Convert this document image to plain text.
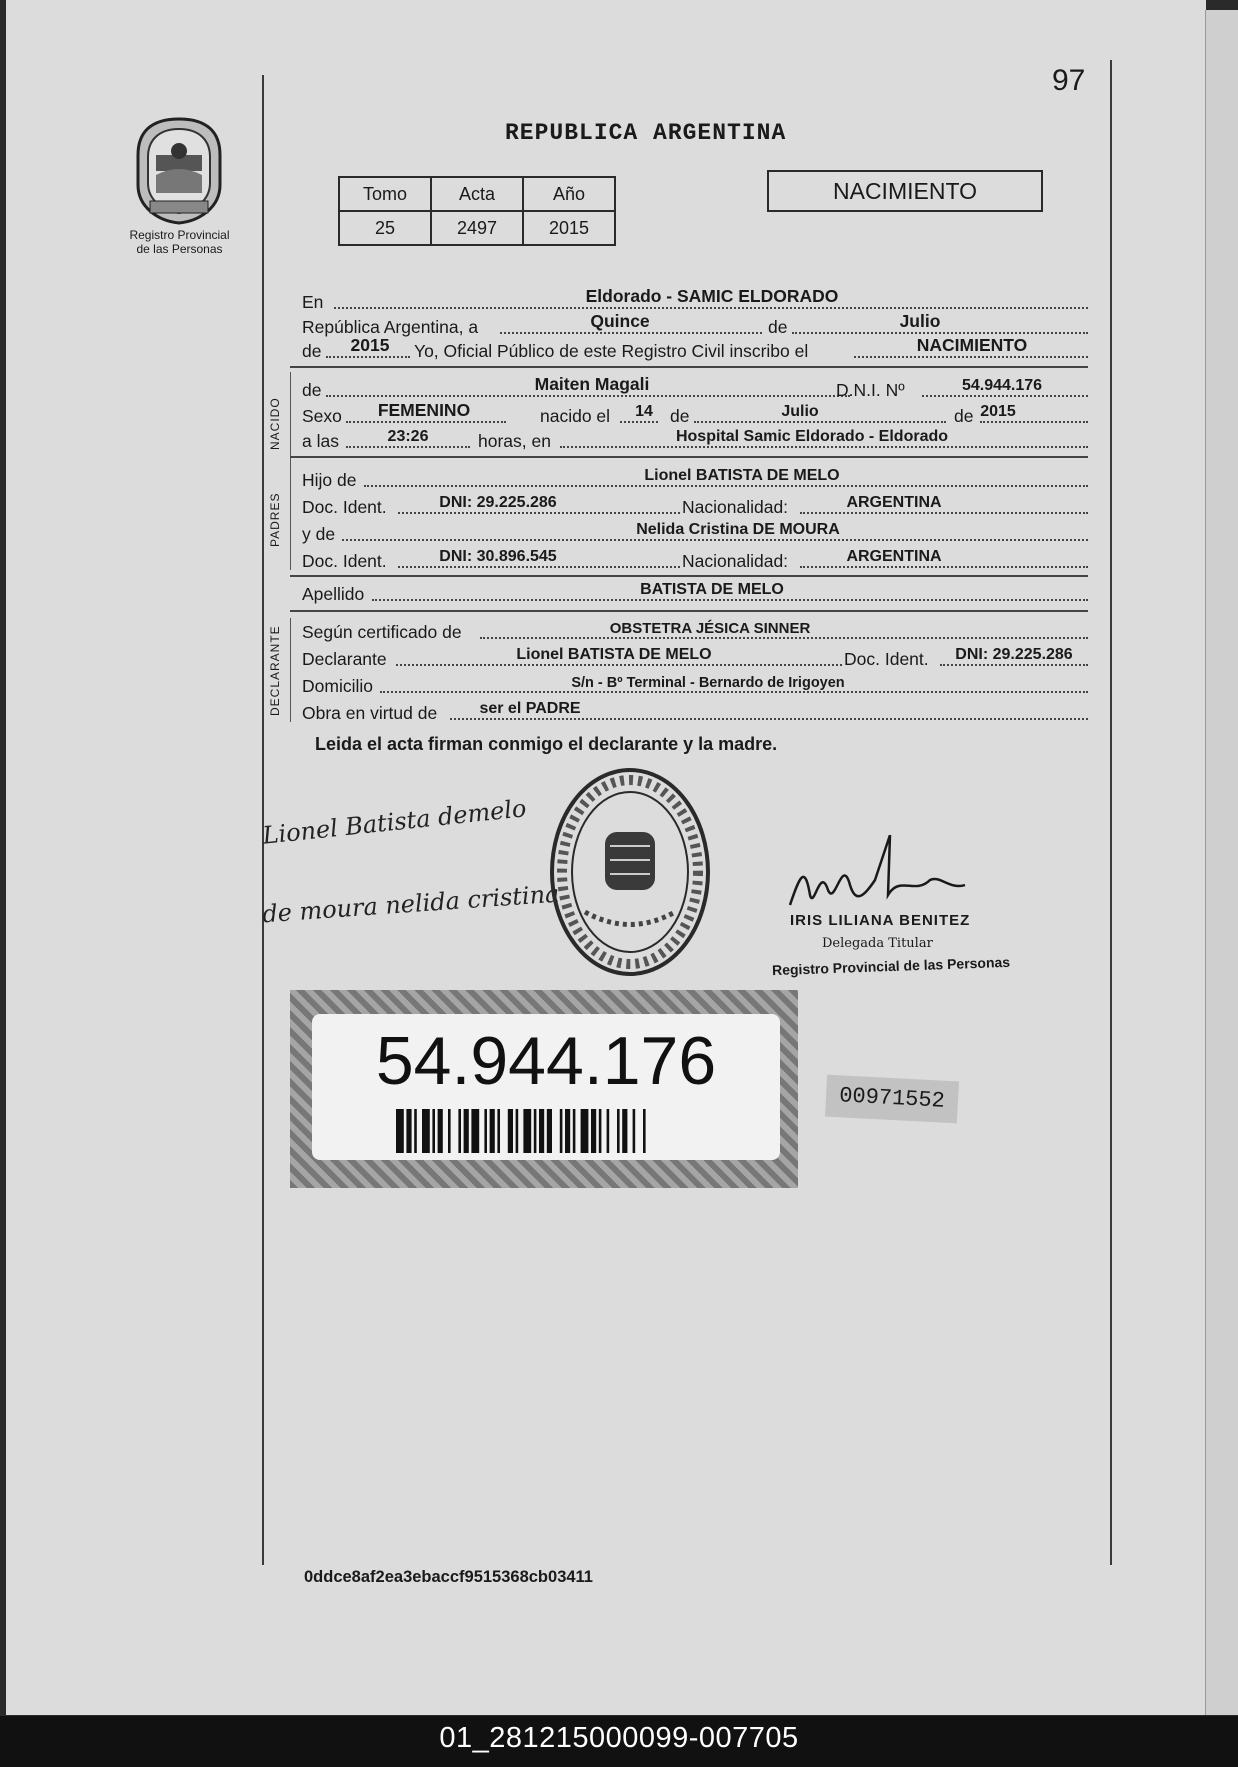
97
Registro Provincial
de las Personas
REPUBLICA ARGENTINA
Tomo	Acta	Año
25	2497	2015
NACIMIENTO
En	Eldorado - SAMIC ELDORADO
República Argentina, a	Quince	de	Julio
de 2015 Yo, Oficial Público de este Registro Civil inscribo el	NACIMIENTO
NACIDO
de	Maiten Magali	D.N.I. Nº	54.944.176
Sexo FEMENINO	nacido el 14 de	Julio	de 2015
a las	23:26	horas, en	Hospital Samic Eldorado - Eldorado
PADRES
Hijo de	Lionel BATISTA DE MELO
Doc. Ident.	DNI: 29.225.286	Nacionalidad:	ARGENTINA
y de	Nelida Cristina DE MOURA
Doc. Ident.	DNI: 30.896.545	Nacionalidad:	ARGENTINA
Apellido	BATISTA DE MELO
DECLARANTE	Según certificado de	OBSTETRA JÉSICA SINNER
Declarante	Lionel BATISTA DE MELO	Doc. Ident. DNI: 29.225.286
Domicilio	S/n - Bº Terminal - Bernardo de Irigoyen
Obra en virtud de	ser el PADRE
Leida el acta firman conmigo el declarante y la madre.
Lionel Batista demelo
de moura nelida cristina	IRIS LILIANA BENITEZ
Delegada Titular
Registro Provincial de las Personas
54.944.176	00971552
0ddce8af2ea3ebaccf9515368cb03411
01_281215000099-007705
